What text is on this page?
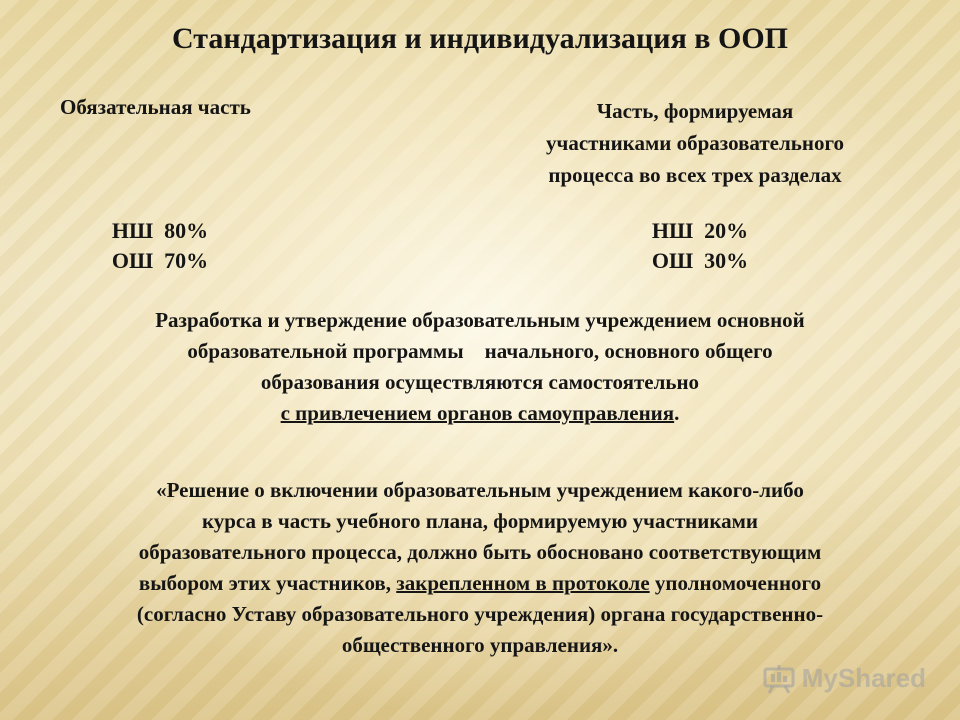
Стандартизация и индивидуализация в ООП
Обязательная часть	Часть, формируемая
участниками образовательного
процесса во всех трех разделах
НШ  80%
ОШ  70%
НШ  20%
ОШ  30%
Разработка и утверждение образовательным учреждением основной
образовательной программы    начального, основного общего
образования осуществляются самостоятельно
с привлечением органов самоуправления.
«Решение о включении образовательным учреждением какого-либо
курса в часть учебного плана, формируемую участниками
образовательного процесса, должно быть обосновано соответствующим
выбором этих участников, закрепленном в протоколе уполномоченного
(согласно Уставу образовательного учреждения) органа государственно-
общественного управления».
MyShared
